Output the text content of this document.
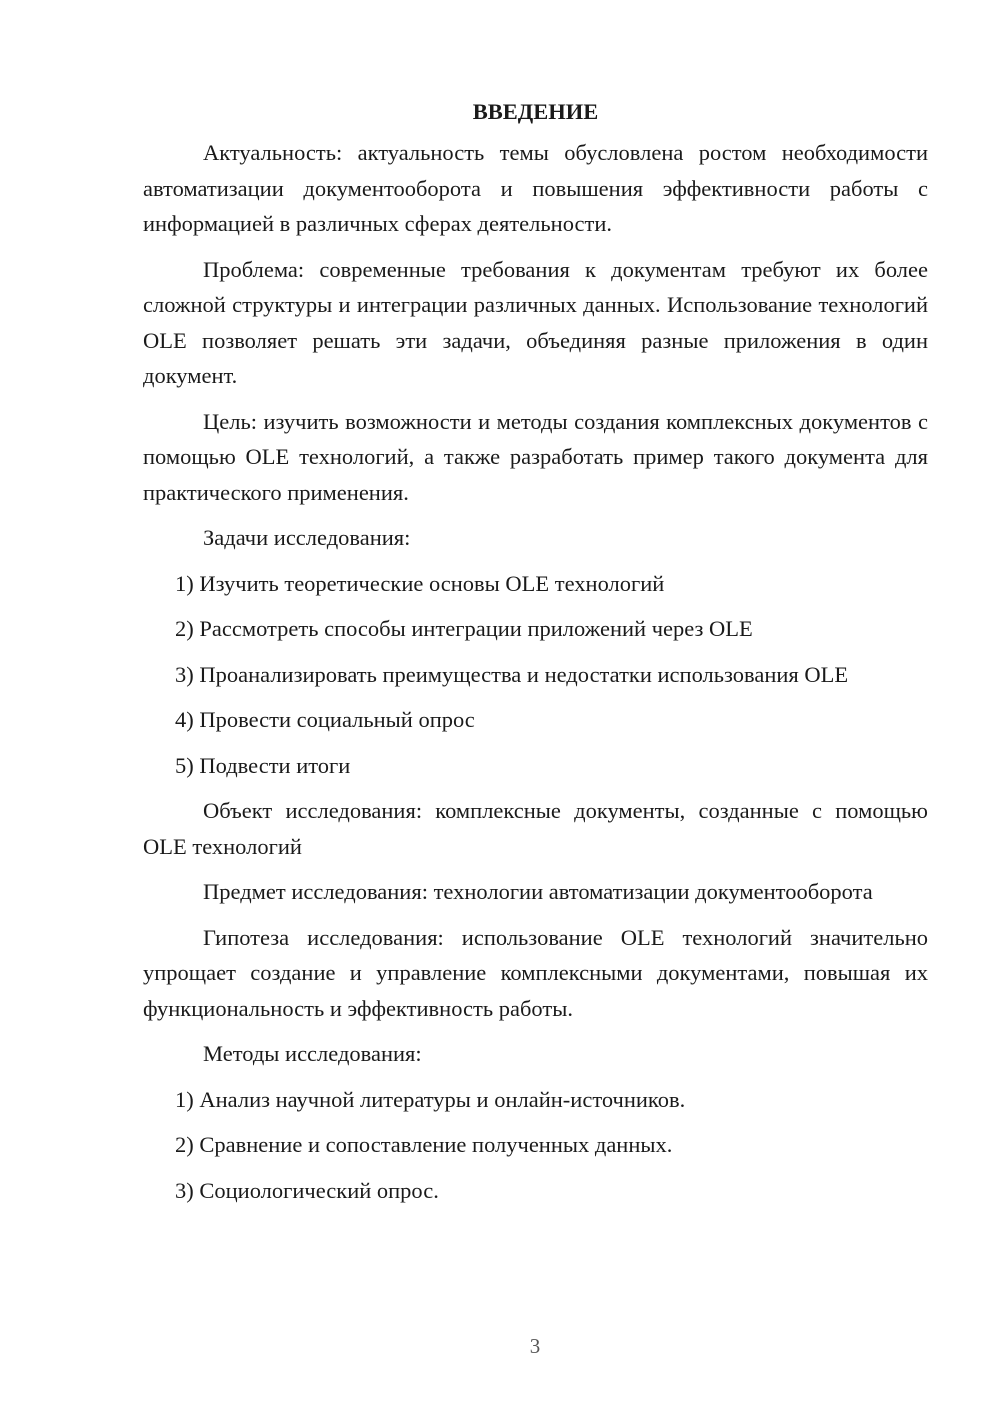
ВВЕДЕНИЕ

Актуальность: актуальность темы обусловлена ростом необходимости автоматизации документооборота и повышения эффективности работы с информацией в различных сферах деятельности.

Проблема: современные требования к документам требуют их более сложной структуры и интеграции различных данных. Использование технологий OLE позволяет решать эти задачи, объединяя разные приложения в один документ.

Цель: изучить возможности и методы создания комплексных документов с помощью OLE технологий, а также разработать пример такого документа для практического применения.

Задачи исследования:

1) Изучить теоретические основы OLE технологий
2) Рассмотреть способы интеграции приложений через OLE
3) Проанализировать преимущества и недостатки использования OLE
4) Провести социальный опрос
5) Подвести итоги

Объект исследования: комплексные документы, созданные с помощью OLE технологий

Предмет исследования: технологии автоматизации документооборота

Гипотеза исследования: использование OLE технологий значительно упрощает создание и управление комплексными документами, повышая их функциональность и эффективность работы.

Методы исследования:

1) Анализ научной литературы и онлайн-источников.
2) Сравнение и сопоставление полученных данных.
3) Социологический опрос.
3
